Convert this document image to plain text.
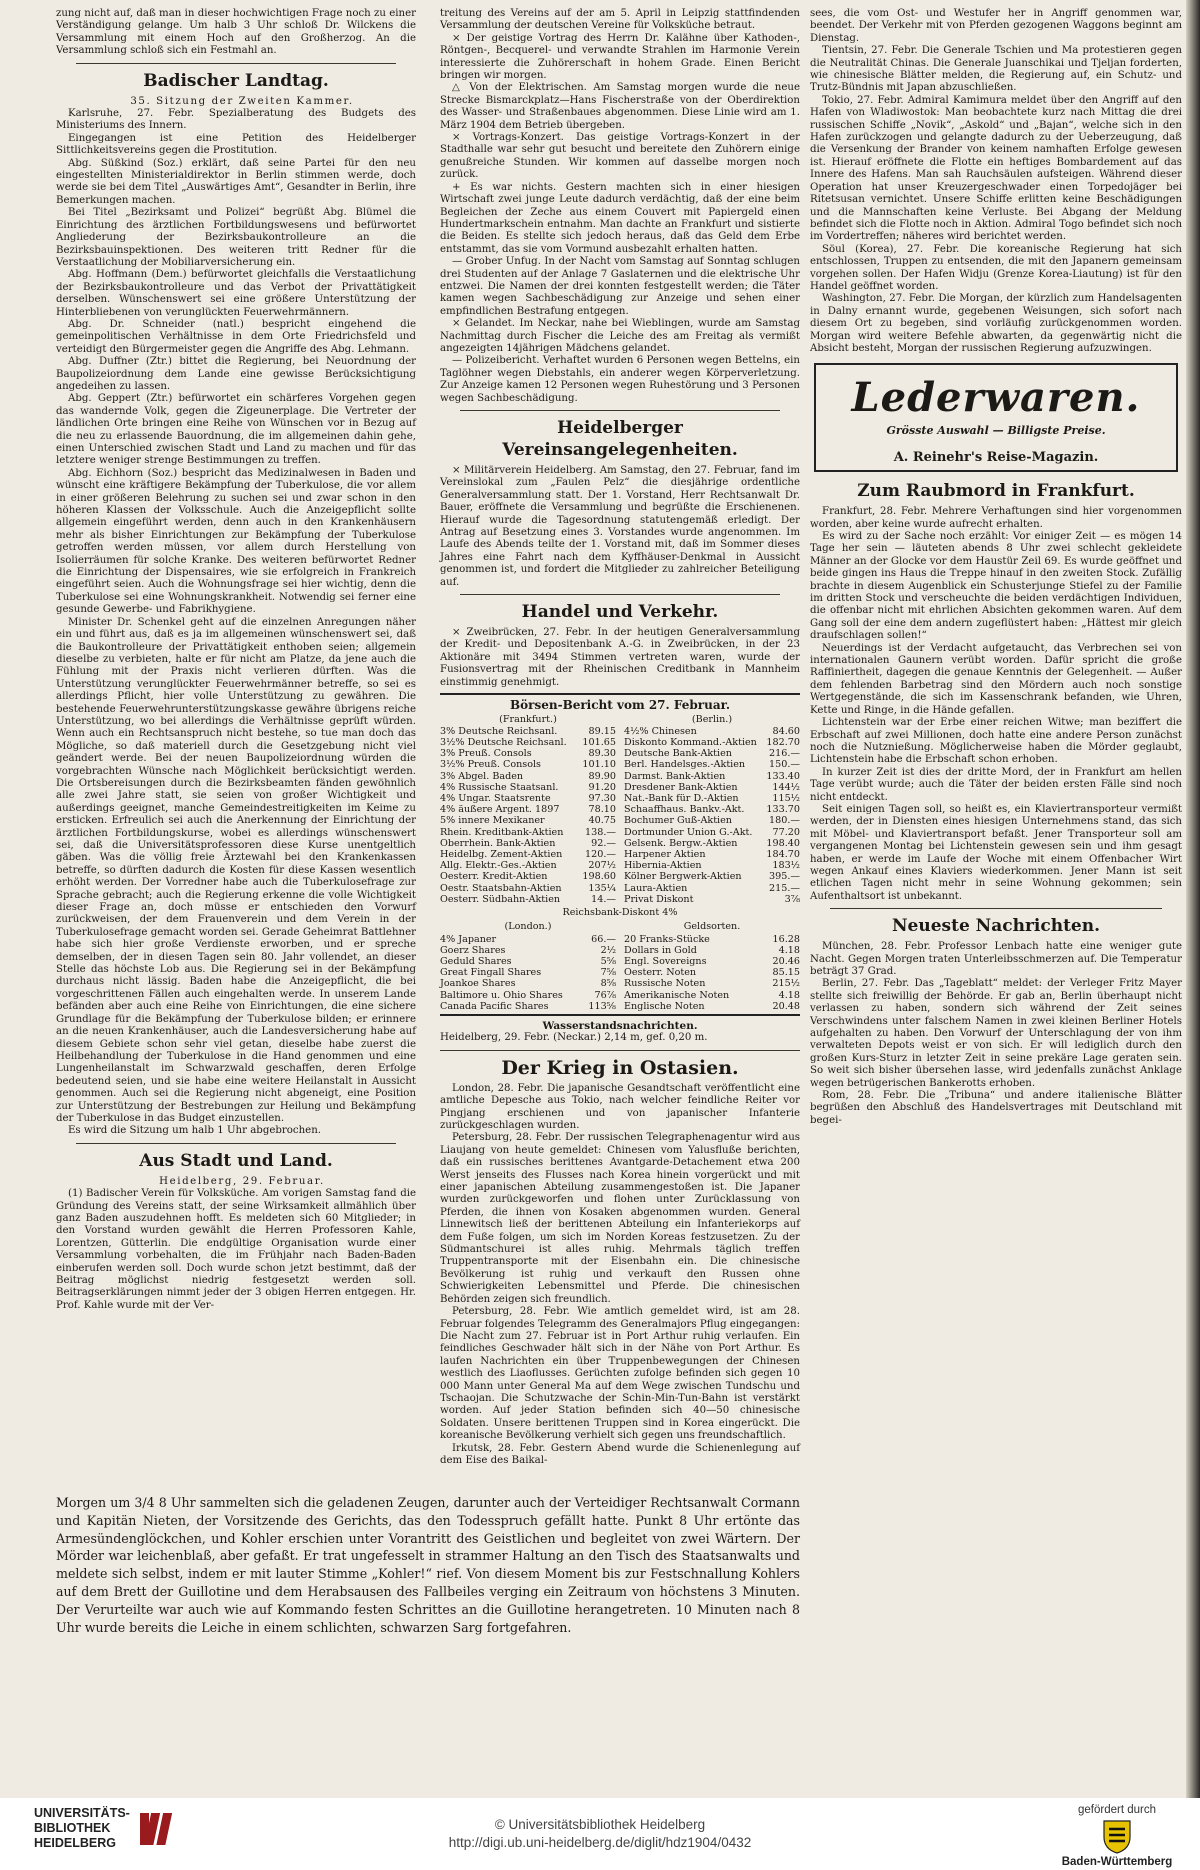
zung nicht auf, daß man in dieser hochwichtigen Frage noch zu einer Verständigung gelange. Um halb 3 Uhr schloß Dr. Wilckens die Versammlung mit einem Hoch auf den Großherzog. An die Versammlung schloß sich ein Festmahl an.

Badischer Landtag.

35. Sitzung der Zweiten Kammer.

Karlsruhe, 27. Febr. Spezialberatung des Budgets des Ministeriums des Innern.

Eingegangen ist eine Petition des Heidelberger Sittlichkeitsvereins gegen die Prostitution.

Abg. Süßkind (Soz.) erklärt, daß seine Partei für den neu eingestellten Ministerialdirektor in Berlin stimmen werde, doch werde sie bei dem Titel „Auswärtiges Amt“, Gesandter in Berlin, ihre Bemerkungen machen.

Bei Titel „Bezirksamt und Polizei“ begrüßt Abg. Blümel die Einrichtung des ärztlichen Fortbildungswesens und befürwortet Angliederung der Bezirksbaukontrolleure an die Bezirksbauinspektionen. Des weiteren tritt Redner für die Verstaatlichung der Mobiliarversicherung ein.

Abg. Hoffmann (Dem.) befürwortet gleichfalls die Verstaatlichung der Bezirksbaukontrolleure und das Verbot der Privattätigkeit derselben. Wünschenswert sei eine größere Unterstützung der Hinterbliebenen von verunglückten Feuerwehrmännern.

Abg. Dr. Schneider (natl.) bespricht eingehend die gemeinpolitischen Verhältnisse in dem Orte Friedrichsfeld und verteidigt den Bürgermeister gegen die Angriffe des Abg. Lehmann.

Abg. Duffner (Ztr.) bittet die Regierung, bei Neuordnung der Baupolizeiordnung dem Lande eine gewisse Berücksichtigung angedeihen zu lassen.

Abg. Geppert (Ztr.) befürwortet ein schärferes Vorgehen gegen das wandernde Volk, gegen die Zigeunerplage. Die Vertreter der ländlichen Orte bringen eine Reihe von Wünschen vor in Bezug auf die neu zu erlassende Bauordnung, die im allgemeinen dahin gehe, einen Unterschied zwischen Stadt und Land zu machen und für das letztere weniger strenge Bestimmungen zu treffen.

Abg. Eichhorn (Soz.) bespricht das Medizinalwesen in Baden und wünscht eine kräftigere Bekämpfung der Tuberkulose, die vor allem in einer größeren Belehrung zu suchen sei und zwar schon in den höheren Klassen der Volksschule. Auch die Anzeigepflicht sollte allgemein eingeführt werden, denn auch in den Krankenhäusern mehr als bisher Einrichtungen zur Bekämpfung der Tuberkulose getroffen werden müssen, vor allem durch Herstellung von Isolierräumen für solche Kranke. Des weiteren befürwortet Redner die Einrichtung der Dispensaires, wie sie erfolgreich in Frankreich eingeführt seien. Auch die Wohnungsfrage sei hier wichtig, denn die Tuberkulose sei eine Wohnungskrankheit. Notwendig sei ferner eine gesunde Gewerbe- und Fabrikhygiene.

Minister Dr. Schenkel geht auf die einzelnen Anregungen näher ein und führt aus, daß es ja im allgemeinen wünschenswert sei, daß die Baukontrolleure der Privattätigkeit enthoben seien; allgemein dieselbe zu verbieten, halte er für nicht am Platze, da jene auch die Fühlung mit der Praxis nicht verlieren dürften. Was die Unterstützung verunglückter Feuerwehrmänner betreffe, so sei es allerdings Pflicht, hier volle Unterstützung zu gewähren. Die bestehende Feuerwehrunterstützungskasse gewähre übrigens reiche Unterstützung, wo bei allerdings die Verhältnisse geprüft würden. Wenn auch ein Rechtsanspruch nicht bestehe, so tue man doch das Mögliche, so daß materiell durch die Gesetzgebung nicht viel geändert werde. Bei der neuen Baupolizeiordnung würden die vorgebrachten Wünsche nach Möglichkeit berücksichtigt werden. Die Ortsbereisungen durch die Bezirksbeamten fänden gewöhnlich alle zwei Jahre statt, sie seien von großer Wichtigkeit und außerdings geeignet, manche Gemeindestreitigkeiten im Keime zu ersticken. Erfreulich sei auch die Anerkennung der Einrichtung der ärztlichen Fortbildungskurse, wobei es allerdings wünschenswert sei, daß die Universitätsprofessoren diese Kurse unentgeltlich gäben. Was die völlig freie Ärztewahl bei den Krankenkassen betreffe, so dürften dadurch die Kosten für diese Kassen wesentlich erhöht werden. Der Vorredner habe auch die Tuberkulosefrage zur Sprache gebracht; auch die Regierung erkenne die volle Wichtigkeit dieser Frage an, doch müsse er entschieden den Vorwurf zurückweisen, der dem Frauenverein und dem Verein in der Tuberkulosefrage gemacht worden sei. Gerade Geheimrat Battlehner habe sich hier große Verdienste erworben, und er spreche demselben, der in diesen Tagen sein 80. Jahr vollendet, an dieser Stelle das höchste Lob aus. Die Regierung sei in der Bekämpfung durchaus nicht lässig. Baden habe die Anzeigepflicht, die bei vorgeschrittenen Fällen auch eingehalten werde. In unserem Lande befänden aber auch eine Reihe von Einrichtungen, die eine sichere Grundlage für die Bekämpfung der Tuberkulose bilden; er erinnere an die neuen Krankenhäuser, auch die Landesversicherung habe auf diesem Gebiete schon sehr viel getan, dieselbe habe zuerst die Heilbehandlung der Tuberkulose in die Hand genommen und eine Lungenheilanstalt im Schwarzwald geschaffen, deren Erfolge bedeutend seien, und sie habe eine weitere Heilanstalt in Aussicht genommen. Auch sei die Regierung nicht abgeneigt, eine Position zur Unterstützung der Bestrebungen zur Heilung und Bekämpfung der Tuberkulose in das Budget einzustellen.

Es wird die Sitzung um halb 1 Uhr abgebrochen.

Aus Stadt und Land.

Heidelberg, 29. Februar.

(1) Badischer Verein für Volksküche. Am vorigen Samstag fand die Gründung des Vereins statt, der seine Wirksamkeit allmählich über ganz Baden auszudehnen hofft. Es meldeten sich 60 Mitglieder; in den Vorstand wurden gewählt die Herren Professoren Kahle, Lorentzen, Gütterlin. Die endgültige Organisation wurde einer Versammlung vorbehalten, die im Frühjahr nach Baden-Baden einberufen werden soll. Doch wurde schon jetzt bestimmt, daß der Beitrag möglichst niedrig festgesetzt werden soll. Beitragserklärungen nimmt jeder der 3 obigen Herren entgegen. Hr. Prof. Kahle wurde mit der Ver-

treitung des Vereins auf der am 5. April in Leipzig stattfindenden Versammlung der deutschen Vereine für Volksküche betraut.

× Der geistige Vortrag des Herrn Dr. Kalähne über Kathoden-, Röntgen-, Becquerel- und verwandte Strahlen im Harmonie Verein interessierte die Zuhörerschaft in hohem Grade. Einen Bericht bringen wir morgen.

△ Von der Elektrischen. Am Samstag morgen wurde die neue Strecke Bismarckplatz—Hans Fischerstraße von der Oberdirektion des Wasser- und Straßenbaues abgenommen. Diese Linie wird am 1. März 1904 dem Betrieb übergeben.

× Vortrags-Konzert. Das geistige Vortrags-Konzert in der Stadthalle war sehr gut besucht und bereitete den Zuhörern einige genußreiche Stunden. Wir kommen auf dasselbe morgen noch zurück.

+ Es war nichts. Gestern machten sich in einer hiesigen Wirtschaft zwei junge Leute dadurch verdächtig, daß der eine beim Begleichen der Zeche aus einem Couvert mit Papiergeld einen Hundertmarkschein entnahm. Man dachte an Frankfurt und sistierte die Beiden. Es stellte sich jedoch heraus, daß das Geld dem Erbe entstammt, das sie vom Vormund ausbezahlt erhalten hatten.

— Grober Unfug. In der Nacht vom Samstag auf Sonntag schlugen drei Studenten auf der Anlage 7 Gaslaternen und die elektrische Uhr entzwei. Die Namen der drei konnten festgestellt werden; die Täter kamen wegen Sachbeschädigung zur Anzeige und sehen einer empfindlichen Bestrafung entgegen.

× Gelandet. Im Neckar, nahe bei Wieblingen, wurde am Samstag Nachmittag durch Fischer die Leiche des am Freitag als vermißt angezeigten 14jährigen Mädchens gelandet.

— Polizeibericht. Verhaftet wurden 6 Personen wegen Bettelns, ein Taglöhner wegen Diebstahls, ein anderer wegen Körperverletzung. Zur Anzeige kamen 12 Personen wegen Ruhestörung und 3 Personen wegen Sachbeschädigung.

Heidelberger Vereinsangelegenheiten.

× Militärverein Heidelberg. Am Samstag, den 27. Februar, fand im Vereinslokal zum „Faulen Pelz“ die diesjährige ordentliche Generalversammlung statt. Der 1. Vorstand, Herr Rechtsanwalt Dr. Bauer, eröffnete die Versammlung und begrüßte die Erschienenen. Hierauf wurde die Tagesordnung statutengemäß erledigt. Der Antrag auf Besetzung eines 3. Vorstandes wurde angenommen. Im Laufe des Abends teilte der 1. Vorstand mit, daß im Sommer dieses Jahres eine Fahrt nach dem Kyffhäuser-Denkmal in Aussicht genommen ist, und fordert die Mitglieder zu zahlreicher Beteiligung auf.

Handel und Verkehr.

× Zweibrücken, 27. Febr. In der heutigen Generalversammlung der Kredit- und Depositenbank A.-G. in Zweibrücken, in der 23 Aktionäre mit 3494 Stimmen vertreten waren, wurde der Fusionsvertrag mit der Rheinischen Creditbank in Mannheim einstimmig genehmigt.

Börsen-Bericht vom 27. Februar.
(Frankfurt.)
3% Deutsche Reichsanl.	89.15
3½% Deutsche Reichsanl. 101.65
3% Preuß. Consols	89.30
3½% Preuß. Consols	101.10
3% Abgel. Baden	89.90
4% Russische Staatsanl.	91.20
4% Ungar. Staatsrente	97.30
4% äußere Argent. 1897	78.10
5% innere Mexikaner	40.75
Rhein. Kreditbank-Aktien 138.—
Oberrhein. Bank-Aktien	92.—
Heidelbg. Zement-Aktien 120.—
Allg. Elektr.-Ges.-Aktien	207½
Oesterr. Kredit-Aktien	198.60
Oestr. Staatsbahn-Aktien	135¼
Oesterr. Südbahn-Aktien	14.—
(Berlin.)
4½% Chinesen	84.60
Diskonto Kommand.-Aktien 182.70
Deutsche Bank-Aktien	216.—
Berl. Handelsges.-Aktien 150.—
Darmst. Bank-Aktien	133.40
Dresdener Bank-Aktien	144½
Nat.-Bank für D.-Aktien	115½
Schaaffhaus. Bankv.-Akt. 133.70
Bochumer Guß-Aktien	180.—
Dortmunder Union G.-Akt. 77.20
Gelsenk. Bergw.-Aktien	198.40
Harpener Aktien	184.70
Hibernia-Aktien	183½
Kölner Bergwerk-Aktien	395.—
Laura-Aktien	215.—
Privat Diskont	3⅞
Reichsbank-Diskont 4%
(London.)
4% Japaner	66.—
Goerz Shares	2½
Geduld Shares	5⅝
Great Fingall Shares	7⅝
Joankoe Shares	8⅝
Baltimore u. Ohio Shares	76⅞
Canada Pacific Shares	113⅝
Geldsorten.
20 Franks-Stücke	16.28
Dollars in Gold	4.18
Engl. Sovereigns	20.46
Oesterr. Noten	85.15
Russische Noten	215½
Amerikanische Noten	4.18
Englische Noten	20.48
Wasserstandsnachrichten.

Heidelberg, 29. Febr. (Neckar.) 2,14 m, gef. 0,20 m.

Der Krieg in Ostasien.

London, 28. Febr. Die japanische Gesandtschaft veröffentlicht eine amtliche Depesche aus Tokio, nach welcher feindliche Reiter vor Pingjang erschienen und von japanischer Infanterie zurückgeschlagen wurden.

Petersburg, 28. Febr. Der russischen Telegraphenagentur wird aus Liaujang von heute gemeldet: Chinesen vom Yalusfluße berichten, daß ein russisches berittenes Avantgarde-Detachement etwa 200 Werst jenseits des Flusses nach Korea hinein vorgerückt und mit einer japanischen Abteilung zusammengestoßen ist. Die Japaner wurden zurückgeworfen und flohen unter Zurücklassung von Pferden, die ihnen von Kosaken abgenommen wurden. General Linnewitsch ließ der berittenen Abteilung ein Infanteriekorps auf dem Fuße folgen, um sich im Norden Koreas festzusetzen. Zu der Südmantschurei ist alles ruhig. Mehrmals täglich treffen Truppentransporte mit der Eisenbahn ein. Die chinesische Bevölkerung ist ruhig und verkauft den Russen ohne Schwierigkeiten Lebensmittel und Pferde. Die chinesischen Behörden zeigen sich freundlich.

Petersburg, 28. Febr. Wie amtlich gemeldet wird, ist am 28. Februar folgendes Telegramm des Generalmajors Pflug eingegangen: Die Nacht zum 27. Februar ist in Port Arthur ruhig verlaufen. Ein feindliches Geschwader hält sich in der Nähe von Port Arthur. Es laufen Nachrichten ein über Truppenbewegungen der Chinesen westlich des Liaoflusses. Gerüchten zufolge befinden sich gegen 10 000 Mann unter General Ma auf dem Wege zwischen Tundschu und Tschaojan. Die Schutzwache der Schin-Min-Tun-Bahn ist verstärkt worden. Auf jeder Station befinden sich 40—50 chinesische Soldaten. Unsere berittenen Truppen sind in Korea eingerückt. Die koreanische Bevölkerung verhielt sich gegen uns freundschaftlich.

Irkutsk, 28. Febr. Gestern Abend wurde die Schienenlegung auf dem Eise des Baikal-

sees, die vom Ost- und Westufer her in Angriff genommen war, beendet. Der Verkehr mit von Pferden gezogenen Waggons beginnt am Dienstag.

Tientsin, 27. Febr. Die Generale Tschien und Ma protestieren gegen die Neutralität Chinas. Die Generale Juanschikai und Tjeljan forderten, wie chinesische Blätter melden, die Regierung auf, ein Schutz- und Trutz-Bündnis mit Japan abzuschließen.

Tokio, 27. Febr. Admiral Kamimura meldet über den Angriff auf den Hafen von Wladiwostok: Man beobachtete kurz nach Mittag die drei russischen Schiffe „Novik“, „Askold“ und „Bajan“, welche sich in den Hafen zurückzogen und gelangte dadurch zu der Ueberzeugung, daß die Versenkung der Brander von keinem namhaften Erfolge gewesen ist. Hierauf eröffnete die Flotte ein heftiges Bombardement auf das Innere des Hafens. Man sah Rauchsäulen aufsteigen. Während dieser Operation hat unser Kreuzergeschwader einen Torpedojäger bei Ritetsusan vernichtet. Unsere Schiffe erlitten keine Beschädigungen und die Mannschaften keine Verluste. Bei Abgang der Meldung befindet sich die Flotte noch in Aktion. Admiral Togo befindet sich noch im Vordertreffen; näheres wird berichtet werden.

Söul (Korea), 27. Febr. Die koreanische Regierung hat sich entschlossen, Truppen zu entsenden, die mit den Japanern gemeinsam vorgehen sollen. Der Hafen Widju (Grenze Korea-Liautung) ist für den Handel geöffnet worden.

Washington, 27. Febr. Die Morgan, der kürzlich zum Handelsagenten in Dalny ernannt wurde, gegebenen Weisungen, sich sofort nach diesem Ort zu begeben, sind vorläufig zurückgenommen worden. Morgan wird weitere Befehle abwarten, da gegenwärtig nicht die Absicht besteht, Morgan der russischen Regierung aufzuzwingen.

Lederwaren.
Grösste Auswahl — Billigste Preise.
A. Reinehr's Reise-Magazin.
Zum Raubmord in Frankfurt.

Frankfurt, 28. Febr. Mehrere Verhaftungen sind hier vorgenommen worden, aber keine wurde aufrecht erhalten.

Es wird zu der Sache noch erzählt: Vor einiger Zeit — es mögen 14 Tage her sein — läuteten abends 8 Uhr zwei schlecht gekleidete Männer an der Glocke vor dem Haustür Zeil 69. Es wurde geöffnet und beide gingen ins Haus die Treppe hinauf in den zweiten Stock. Zufällig brachte in diesem Augenblick ein Schusterjunge Stiefel zu der Familie im dritten Stock und verscheuchte die beiden verdächtigen Individuen, die offenbar nicht mit ehrlichen Absichten gekommen waren. Auf dem Gang soll der eine dem andern zugeflüstert haben: „Hättest mir gleich draufschlagen sollen!“

Neuerdings ist der Verdacht aufgetaucht, das Verbrechen sei von internationalen Gaunern verübt worden. Dafür spricht die große Raffiniertheit, dagegen die genaue Kenntnis der Gelegenheit. — Außer dem fehlenden Barbetrag sind den Mördern auch noch sonstige Wertgegenstände, die sich im Kassenschrank befanden, wie Uhren, Kette und Ringe, in die Hände gefallen.

Lichtenstein war der Erbe einer reichen Witwe; man beziffert die Erbschaft auf zwei Millionen, doch hatte eine andere Person zunächst noch die Nutznießung. Möglicherweise haben die Mörder geglaubt, Lichtenstein habe die Erbschaft schon erhoben.

In kurzer Zeit ist dies der dritte Mord, der in Frankfurt am hellen Tage verübt wurde; auch die Täter der beiden ersten Fälle sind noch nicht entdeckt.

Seit einigen Tagen soll, so heißt es, ein Klaviertransporteur vermißt werden, der in Diensten eines hiesigen Unternehmens stand, das sich mit Möbel- und Klaviertransport befaßt. Jener Transporteur soll am vergangenen Montag bei Lichtenstein gewesen sein und ihm gesagt haben, er werde im Laufe der Woche mit einem Offenbacher Wirt wegen Ankauf eines Klaviers wiederkommen. Jener Mann ist seit etlichen Tagen nicht mehr in seine Wohnung gekommen; sein Aufenthaltsort ist unbekannt.

Neueste Nachrichten.

München, 28. Febr. Professor Lenbach hatte eine weniger gute Nacht. Gegen Morgen traten Unterleibsschmerzen auf. Die Temperatur beträgt 37 Grad.

Berlin, 27. Febr. Das „Tageblatt“ meldet: der Verleger Fritz Mayer stellte sich freiwillig der Behörde. Er gab an, Berlin überhaupt nicht verlassen zu haben, sondern sich während der Zeit seines Verschwindens unter falschem Namen in zwei kleinen Berliner Hotels aufgehalten zu haben. Den Vorwurf der Unterschlagung der von ihm verwalteten Depots weist er von sich. Er will lediglich durch den großen Kurs-Sturz in letzter Zeit in seine prekäre Lage geraten sein. So weit sich bisher übersehen lasse, wird jedenfalls zunächst Anklage wegen betrügerischen Bankerotts erhoben.

Rom, 28. Febr. Die „Tribuna“ und andere italienische Blätter begrüßen den Abschluß des Handelsvertrages mit Deutschland mit begei-

Morgen um 3/4 8 Uhr sammelten sich die geladenen Zeugen, darunter auch der Verteidiger Rechtsanwalt Cormann und Kapitän Nieten, der Vorsitzende des Gerichts, das den Todesspruch gefällt hatte. Punkt 8 Uhr ertönte das Armesündenglöckchen, und Kohler erschien unter Vorantritt des Geistlichen und begleitet von zwei Wärtern. Der Mörder war leichenblaß, aber gefaßt. Er trat ungefesselt in strammer Haltung an den Tisch des Staatsanwalts und meldete sich selbst, indem er mit lauter Stimme „Kohler!“ rief. Von diesem Moment bis zur Festschnallung Kohlers auf dem Brett der Guillotine und dem Herabsausen des Fallbeiles verging ein Zeitraum von höchstens 3 Minuten. Der Verurteilte war auch wie auf Kommando festen Schrittes an die Guillotine herangetreten. 10 Minuten nach 8 Uhr wurde bereits die Leiche in einem schlichten, schwarzen Sarg fortgefahren.

UNIVERSITÄTS-
BIBLIOTHEK
HEIDELBERG
© Universitätsbibliothek Heidelberg
http://digi.ub.uni-heidelberg.de/diglit/hdz1904/0432
gefördert durch
Baden-Württemberg
